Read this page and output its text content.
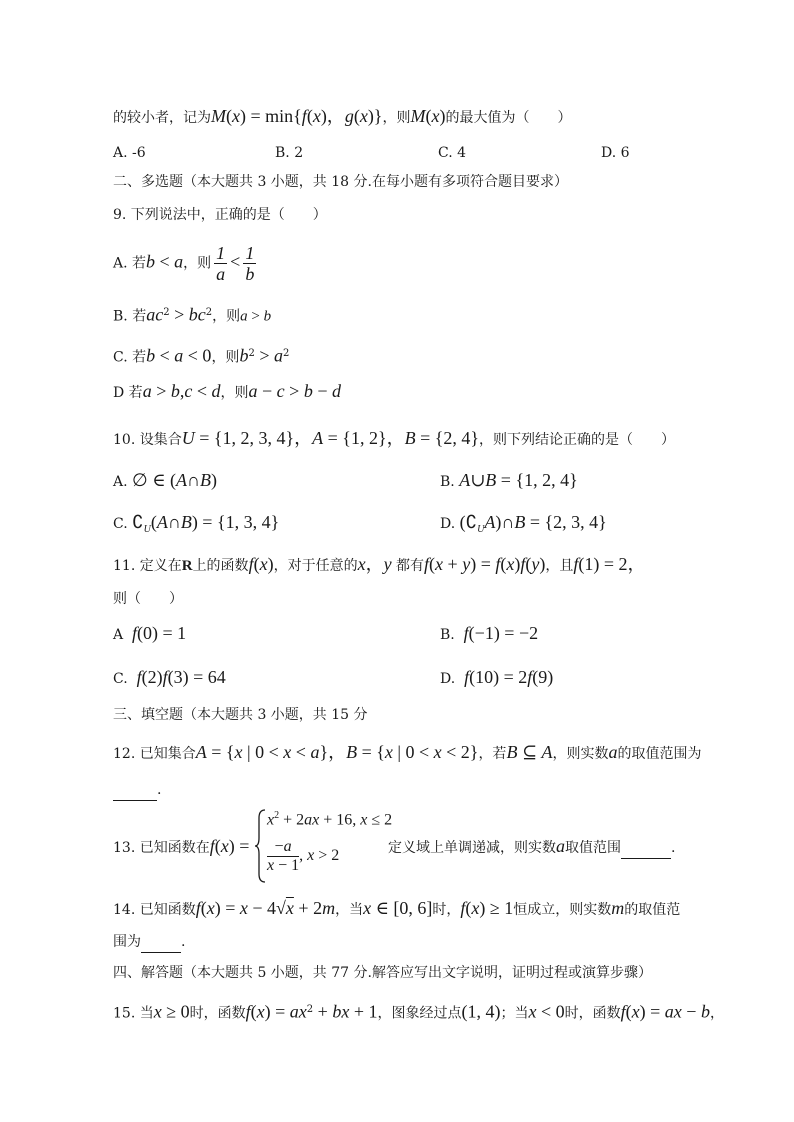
的较小者，记为M(x) = min{f(x)，g(x)}，则M(x)的最大值为（　　）
A. -6	B. 2	C. 4	D. 6
二、多选题（本大题共 3 小题，共 18 分.在每小题有多项符合题目要求）
9. 下列说法中，正确的是（　　）
A. 若b < a，则 $\frac{1}{a} < \frac{1}{b}$
B. 若$ac^2 > bc^2$，则a > b
C. 若b < a < 0，则$b^2 > a^2$
D 若a > b,c < d，则a − c > b − d
10. 设集合U = {1, 2, 3, 4}，A = {1, 2}，B = {2, 4}，则下列结论正确的是（　　）
A. ∅ ∈ (A∩B)	B. A∪B = {1, 2, 4}
C. $∁_U(A\cap B) = \{1$, 3, 4}	D. $(∁_UA)\cap B = \{2$, 3, 4}
11. 定义在R上的函数f(x)，对于任意的x，y 都有f(x + y) = f(x)f(y)，且f(1) = 2，
则（　　）
A f(0) = 1	B. f(−1) = −2
C. f(2)f(3) = 64	D. f(10) = 2f(9)
三、填空题（本大题共 3 小题，共 15 分
12. 已知集合A = {x | 0 < x < a}，B = {x | 0 < x < 2}，若B ⊆ A，则实数a的取值范围为
.
13. 已知函数在f(x) =
$x^2 + 2ax + 16$, x ≤ 2
$\frac{-a}{x - 1}$ , x > 2	定义域上单调递减，则实数a取值范围	.
14. 已知函数f(x) = x − 4√x + 2m，当x ∈ [0, 6]时，f(x) ≥ 1恒成立，则实数m的取值范
围为	.
四、解答题（本大题共 5 小题，共 77 分.解答应写出文字说明，证明过程或演算步骤）
15. 当x ≥ 0时，函数$f(x) = ax^2$ + bx + 1，图象经过点(1, 4)；当x < 0时，函数f(x) = ax − b，
